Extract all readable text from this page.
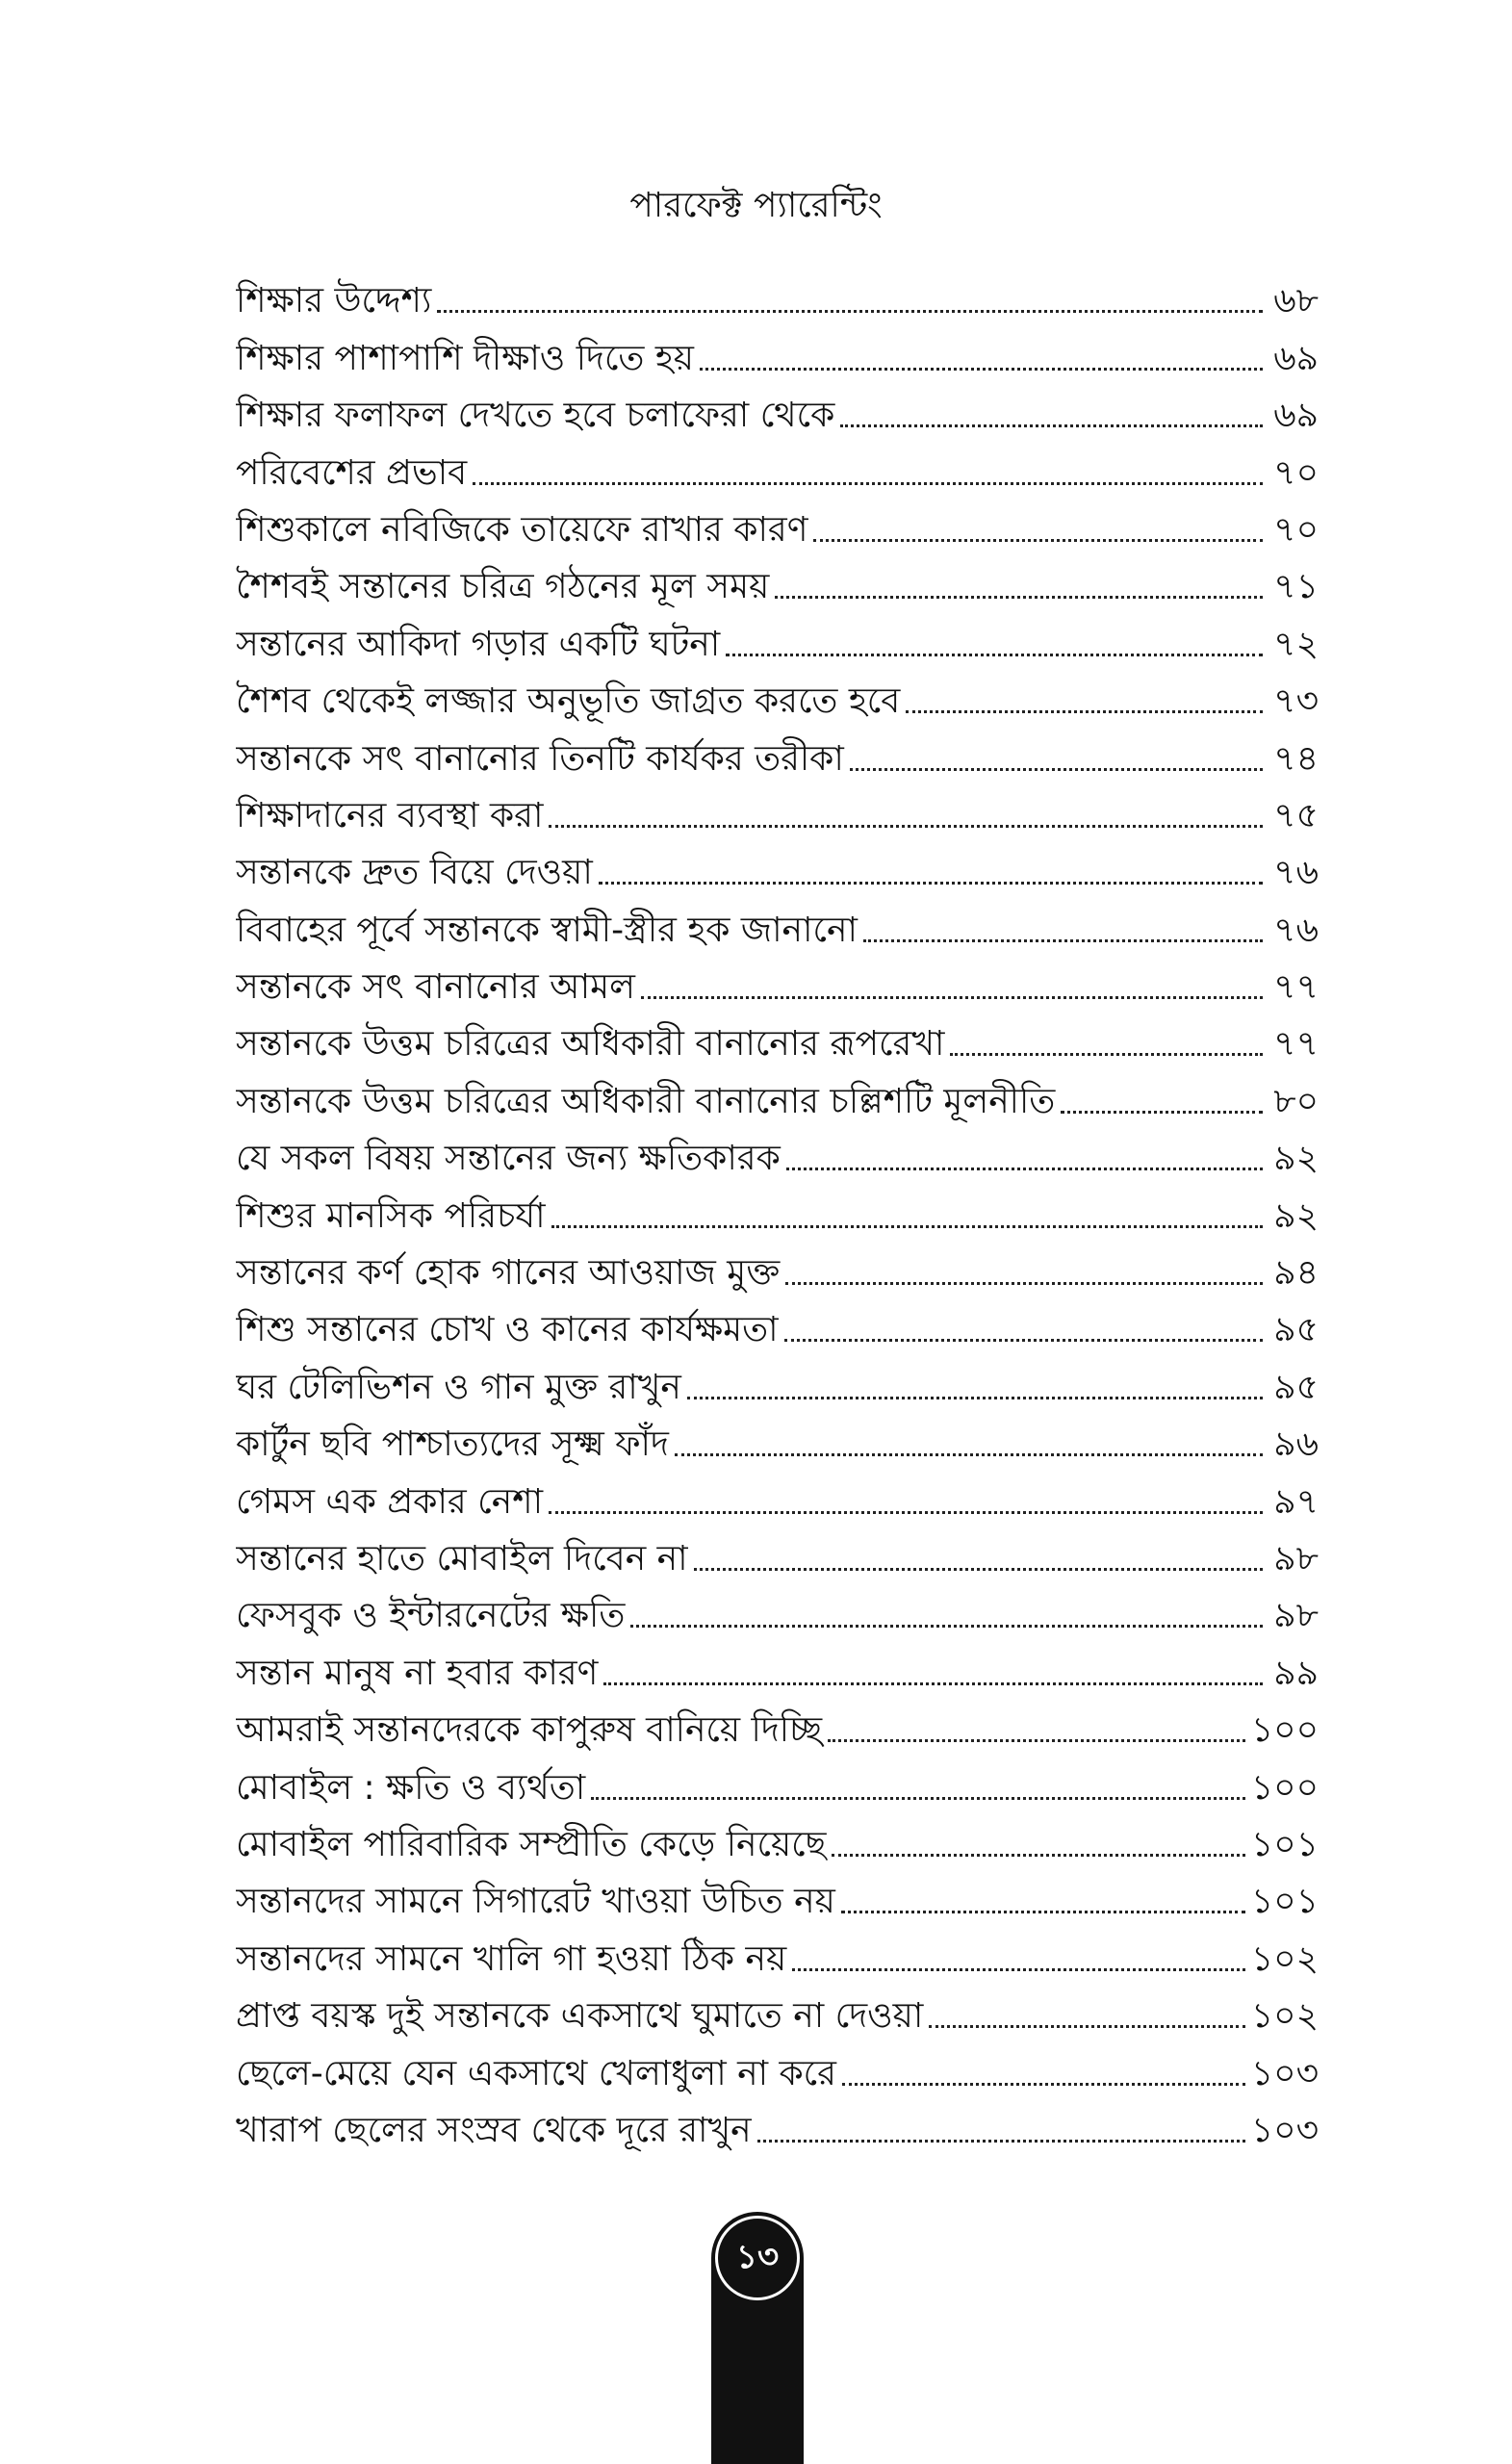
পারফেক্ট প্যারেন্টিং
শিক্ষার উদ্দেশ্য	৬৮
শিক্ষার পাশাপাশি দীক্ষাও দিতে হয়	৬৯
শিক্ষার ফলাফল দেখতে হবে চলাফেরা থেকে	৬৯
পরিবেশের প্রভাব	৭০
শিশুকালে নবিজিকে তায়েফে রাখার কারণ	৭০
শৈশবই সন্তানের চরিত্র গঠনের মূল সময়	৭১
সন্তানের আকিদা গড়ার একটি ঘটনা	৭২
শৈশব থেকেই লজ্জার অনুভূতি জাগ্রত করতে হবে	৭৩
সন্তানকে সৎ বানানোর তিনটি কার্যকর তরীকা	৭৪
শিক্ষাদানের ব্যবস্থা করা	৭৫
সন্তানকে দ্রুত বিয়ে দেওয়া	৭৬
বিবাহের পূর্বে সন্তানকে স্বামী-স্ত্রীর হক জানানো	৭৬
সন্তানকে সৎ বানানোর আমল	৭৭
সন্তানকে উত্তম চরিত্রের অধিকারী বানানোর রূপরেখা	৭৭
সন্তানকে উত্তম চরিত্রের অধিকারী বানানোর চল্লিশটি মূলনীতি	৮০
যে সকল বিষয় সন্তানের জন্য ক্ষতিকারক	৯২
শিশুর মানসিক পরিচর্যা	৯২
সন্তানের কর্ণ হোক গানের আওয়াজ মুক্ত	৯৪
শিশু সন্তানের চোখ ও কানের কার্যক্ষমতা	৯৫
ঘর টেলিভিশন ও গান মুক্ত রাখুন	৯৫
কার্টুন ছবি পাশ্চাত্যদের সূক্ষ্ম ফাঁদ	৯৬
গেমস এক প্রকার নেশা	৯৭
সন্তানের হাতে মোবাইল দিবেন না	৯৮
ফেসবুক ও ইন্টারনেটের ক্ষতি	৯৮
সন্তান মানুষ না হবার কারণ	৯৯
আমরাই সন্তানদেরকে কাপুরুষ বানিয়ে দিচ্ছি	১০০
মোবাইল : ক্ষতি ও ব্যর্থতা	১০০
মোবাইল পারিবারিক সম্প্রীতি কেড়ে নিয়েছে	১০১
সন্তানদের সামনে সিগারেট খাওয়া উচিত নয়	১০১
সন্তানদের সামনে খালি গা হওয়া ঠিক নয়	১০২
প্রাপ্ত বয়স্ক দুই সন্তানকে একসাথে ঘুমাতে না দেওয়া	১০২
ছেলে-মেয়ে যেন একসাথে খেলাধুলা না করে	১০৩
খারাপ ছেলের সংস্রব থেকে দূরে রাখুন	১০৩
১৩
